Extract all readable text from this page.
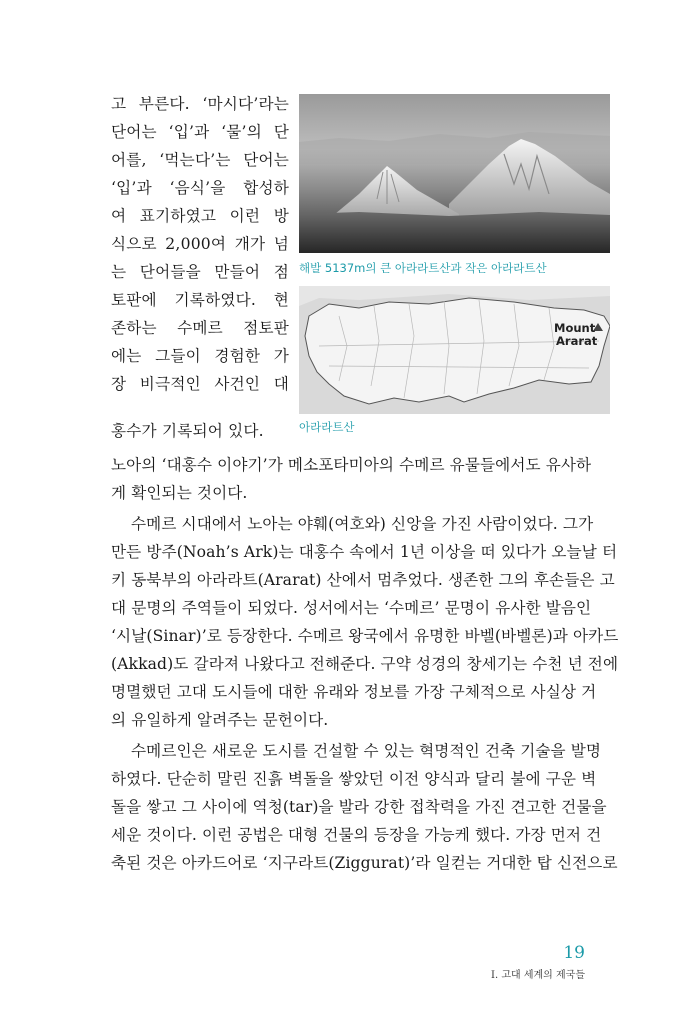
고 부른다. ‘마시다’라는
단어는 ‘입’과 ‘물’의 단
어를, ‘먹는다’는 단어는
‘입’과 ‘음식’을 합성하
여 표기하였고 이런 방
식으로 2,000여 개가 넘
는 단어들을 만들어 점
토판에 기록하였다. 현
존하는 수메르 점토판
에는 그들이 경험한 가
장 비극적인 사건인 대
홍수가 기록되어 있다.
해발 5137m의 큰 아라라트산과 작은 아라라트산
Mount
Ararat
아라라트산
노아의 ‘대홍수 이야기’가 메소포타미아의 수메르 유물들에서도 유사하
게 확인되는 것이다.
수메르 시대에서 노아는 야훼(여호와) 신앙을 가진 사람이었다. 그가
만든 방주(Noah’s Ark)는 대홍수 속에서 1년 이상을 떠 있다가 오늘날 터
키 동북부의 아라라트(Ararat) 산에서 멈추었다. 생존한 그의 후손들은 고
대 문명의 주역들이 되었다. 성서에서는 ‘수메르’ 문명이 유사한 발음인
‘시날(Sinar)’로 등장한다. 수메르 왕국에서 유명한 바벨(바벨론)과 아카드
(Akkad)도 갈라져 나왔다고 전해준다. 구약 성경의 창세기는 수천 년 전에
명멸했던 고대 도시들에 대한 유래와 정보를 가장 구체적으로 사실상 거
의 유일하게 알려주는 문헌이다.
수메르인은 새로운 도시를 건설할 수 있는 혁명적인 건축 기술을 발명
하였다. 단순히 말린 진흙 벽돌을 쌓았던 이전 양식과 달리 불에 구운 벽
돌을 쌓고 그 사이에 역청(tar)을 발라 강한 접착력을 가진 견고한 건물을
세운 것이다. 이런 공법은 대형 건물의 등장을 가능케 했다. 가장 먼저 건
축된 것은 아카드어로 ‘지구라트(Ziggurat)’라 일컫는 거대한 탑 신전으로
19
I. 고대 세계의 제국들
